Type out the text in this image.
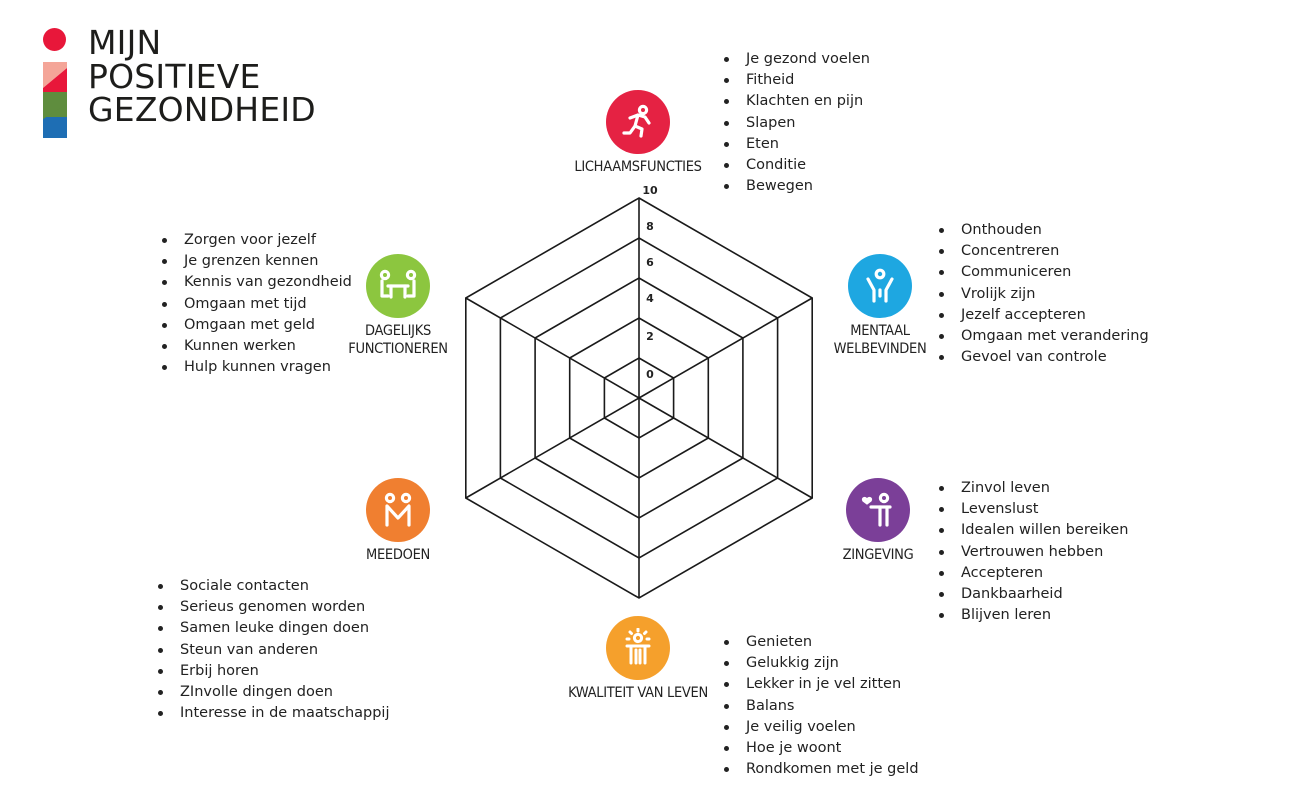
MIJN
POSITIEVE
GEZONDHEID
0
2
4
6
8
10
LICHAAMSFUNCTIES
Je gezond voelen
Fitheid
Klachten en pijn
Slapen
Eten
Conditie
Bewegen
MENTAAL
WELBEVINDEN
Onthouden
Concentreren
Communiceren
Vrolijk zijn
Jezelf accepteren
Omgaan met verandering
Gevoel van controle
ZINGEVING
Zinvol leven
Levenslust
Idealen willen bereiken
Vertrouwen hebben
Accepteren
Dankbaarheid
Blijven leren
KWALITEIT VAN LEVEN
Genieten
Gelukkig zijn
Lekker in je vel zitten
Balans
Je veilig voelen
Hoe je woont
Rondkomen met je geld
MEEDOEN
Sociale contacten
Serieus genomen worden
Samen leuke dingen doen
Steun van anderen
Erbij horen
ZInvolle dingen doen
Interesse in de maatschappij
DAGELIJKS
FUNCTIONEREN
Zorgen voor jezelf
Je grenzen kennen
Kennis van gezondheid
Omgaan met tijd
Omgaan met geld
Kunnen werken
Hulp kunnen vragen
